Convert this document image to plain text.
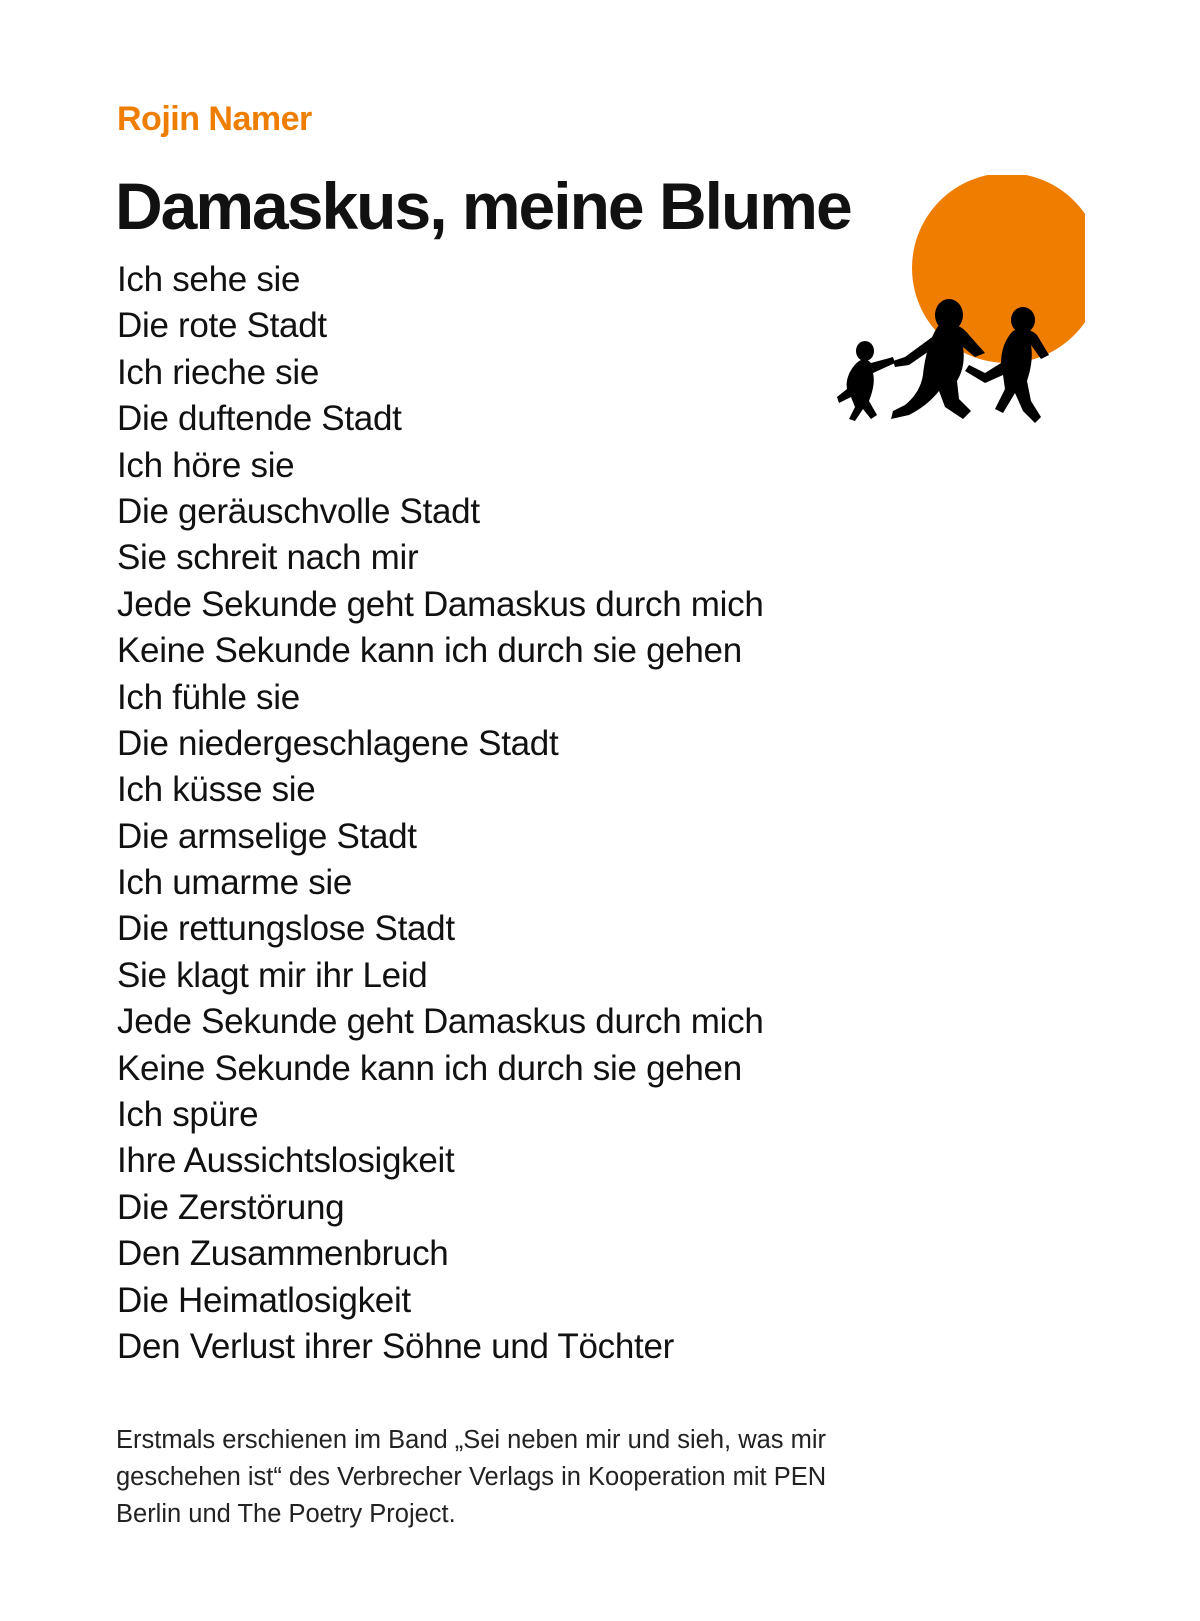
Rojin Namer
Damaskus, meine Blume
Ich sehe sie
Die rote Stadt
Ich rieche sie
Die duftende Stadt
Ich höre sie
Die geräuschvolle Stadt
Sie schreit nach mir
Jede Sekunde geht Damaskus durch mich
Keine Sekunde kann ich durch sie gehen
Ich fühle sie
Die niedergeschlagene Stadt
Ich küsse sie
Die armselige Stadt
Ich umarme sie
Die rettungslose Stadt
Sie klagt mir ihr Leid
Jede Sekunde geht Damaskus durch mich
Keine Sekunde kann ich durch sie gehen
Ich spüre
Ihre Aussichtslosigkeit
Die Zerstörung
Den Zusammenbruch
Die Heimatlosigkeit
Den Verlust ihrer Söhne und Töchter

Erstmals erschienen im Band „Sei neben mir und sieh, was mir geschehen ist“ des Verbrecher Verlags in Kooperation mit PEN Berlin und The Poetry Project.
